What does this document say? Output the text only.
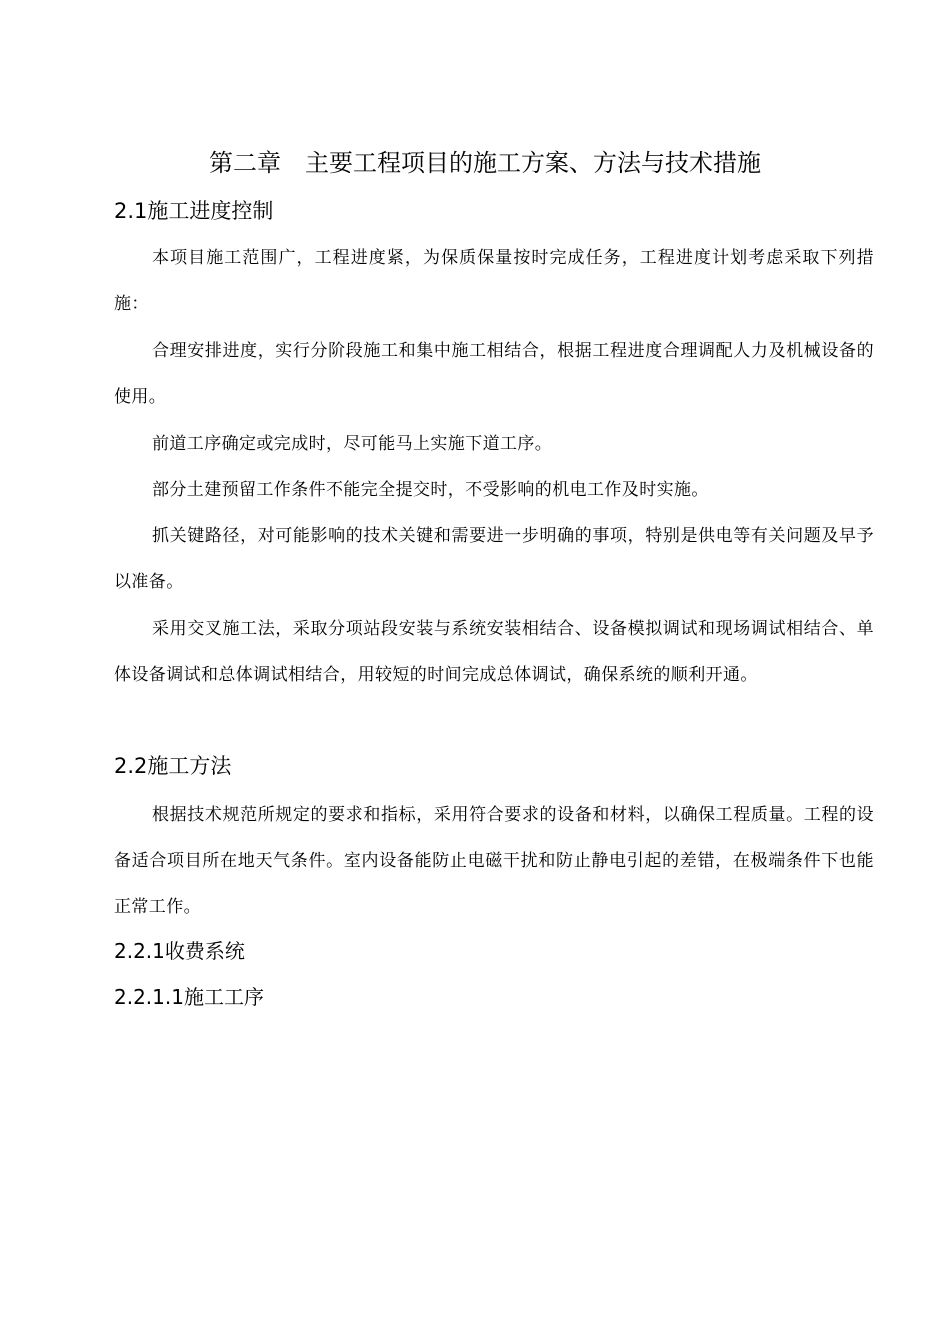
第二章　主要工程项目的施工方案、方法与技术措施
2.1施工进度控制

本项目施工范围广，工程进度紧，为保质保量按时完成任务，工程进度计划考虑采取下列措施：

合理安排进度，实行分阶段施工和集中施工相结合，根据工程进度合理调配人力及机械设备的使用。

前道工序确定或完成时，尽可能马上实施下道工序。

部分土建预留工作条件不能完全提交时，不受影响的机电工作及时实施。

抓关键路径，对可能影响的技术关键和需要进一步明确的事项，特别是供电等有关问题及早予以准备。

采用交叉施工法，采取分项站段安装与系统安装相结合、设备模拟调试和现场调试相结合、单体设备调试和总体调试相结合，用较短的时间完成总体调试，确保系统的顺利开通。

2.2施工方法

根据技术规范所规定的要求和指标，采用符合要求的设备和材料，以确保工程质量。工程的设备适合项目所在地天气条件。室内设备能防止电磁干扰和防止静电引起的差错，在极端条件下也能正常工作。

2.2.1收费系统
2.2.1.1施工工序
